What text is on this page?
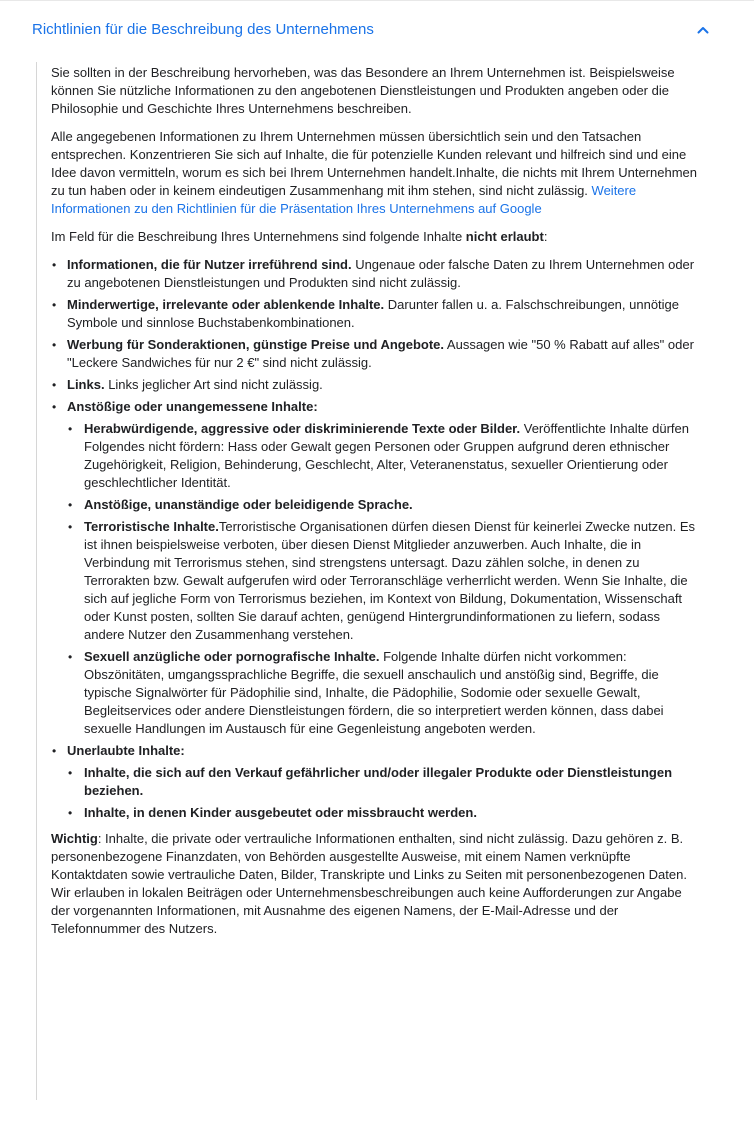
Richtlinien für die Beschreibung des Unternehmens

Sie sollten in der Beschreibung hervorheben, was das Besondere an Ihrem Unternehmen ist. Beispielsweise können Sie nützliche Informationen zu den angebotenen Dienstleistungen und Produkten angeben oder die Philosophie und Geschichte Ihres Unternehmens beschreiben.

Alle angegebenen Informationen zu Ihrem Unternehmen müssen übersichtlich sein und den Tatsachen entsprechen. Konzentrieren Sie sich auf Inhalte, die für potenzielle Kunden relevant und hilfreich sind und eine Idee davon vermitteln, worum es sich bei Ihrem Unternehmen handelt.Inhalte, die nichts mit Ihrem Unternehmen zu tun haben oder in keinem eindeutigen Zusammenhang mit ihm stehen, sind nicht zulässig. Weitere Informationen zu den Richtlinien für die Präsentation Ihres Unternehmens auf Google

Im Feld für die Beschreibung Ihres Unternehmens sind folgende Inhalte nicht erlaubt:

• Informationen, die für Nutzer irreführend sind. Ungenaue oder falsche Daten zu Ihrem Unternehmen oder zu angebotenen Dienstleistungen und Produkten sind nicht zulässig.
• Minderwertige, irrelevante oder ablenkende Inhalte. Darunter fallen u. a. Falschschreibungen, unnötige Symbole und sinnlose Buchstabenkombinationen.
• Werbung für Sonderaktionen, günstige Preise und Angebote. Aussagen wie "50 % Rabatt auf alles" oder "Leckere Sandwiches für nur 2 €" sind nicht zulässig.
• Links. Links jeglicher Art sind nicht zulässig.
• Anstößige oder unangemessene Inhalte:
• Herabwürdigende, aggressive oder diskriminierende Texte oder Bilder. Veröffentlichte Inhalte dürfen Folgendes nicht fördern: Hass oder Gewalt gegen Personen oder Gruppen aufgrund deren ethnischer Zugehörigkeit, Religion, Behinderung, Geschlecht, Alter, Veteranenstatus, sexueller Orientierung oder geschlechtlicher Identität.
• Anstößige, unanständige oder beleidigende Sprache.
• Terroristische Inhalte.Terroristische Organisationen dürfen diesen Dienst für keinerlei Zwecke nutzen. Es ist ihnen beispielsweise verboten, über diesen Dienst Mitglieder anzuwerben. Auch Inhalte, die in Verbindung mit Terrorismus stehen, sind strengstens untersagt. Dazu zählen solche, in denen zu Terrorakten bzw. Gewalt aufgerufen wird oder Terroranschläge verherrlicht werden. Wenn Sie Inhalte, die sich auf jegliche Form von Terrorismus beziehen, im Kontext von Bildung, Dokumentation, Wissenschaft oder Kunst posten, sollten Sie darauf achten, genügend Hintergrundinformationen zu liefern, sodass andere Nutzer den Zusammenhang verstehen.
• Sexuell anzügliche oder pornografische Inhalte. Folgende Inhalte dürfen nicht vorkommen: Obszönitäten, umgangssprachliche Begriffe, die sexuell anschaulich und anstößig sind, Begriffe, die typische Signalwörter für Pädophilie sind, Inhalte, die Pädophilie, Sodomie oder sexuelle Gewalt, Begleitservices oder andere Dienstleistungen fördern, die so interpretiert werden können, dass dabei sexuelle Handlungen im Austausch für eine Gegenleistung angeboten werden.
• Unerlaubte Inhalte:
• Inhalte, die sich auf den Verkauf gefährlicher und/oder illegaler Produkte oder Dienstleistungen beziehen.
• Inhalte, in denen Kinder ausgebeutet oder missbraucht werden.

Wichtig: Inhalte, die private oder vertrauliche Informationen enthalten, sind nicht zulässig. Dazu gehören z. B. personenbezogene Finanzdaten, von Behörden ausgestellte Ausweise, mit einem Namen verknüpfte Kontaktdaten sowie vertrauliche Daten, Bilder, Transkripte und Links zu Seiten mit personenbezogenen Daten. Wir erlauben in lokalen Beiträgen oder Unternehmensbeschreibungen auch keine Aufforderungen zur Angabe der vorgenannten Informationen, mit Ausnahme des eigenen Namens, der E-Mail-Adresse und der Telefonnummer des Nutzers.
